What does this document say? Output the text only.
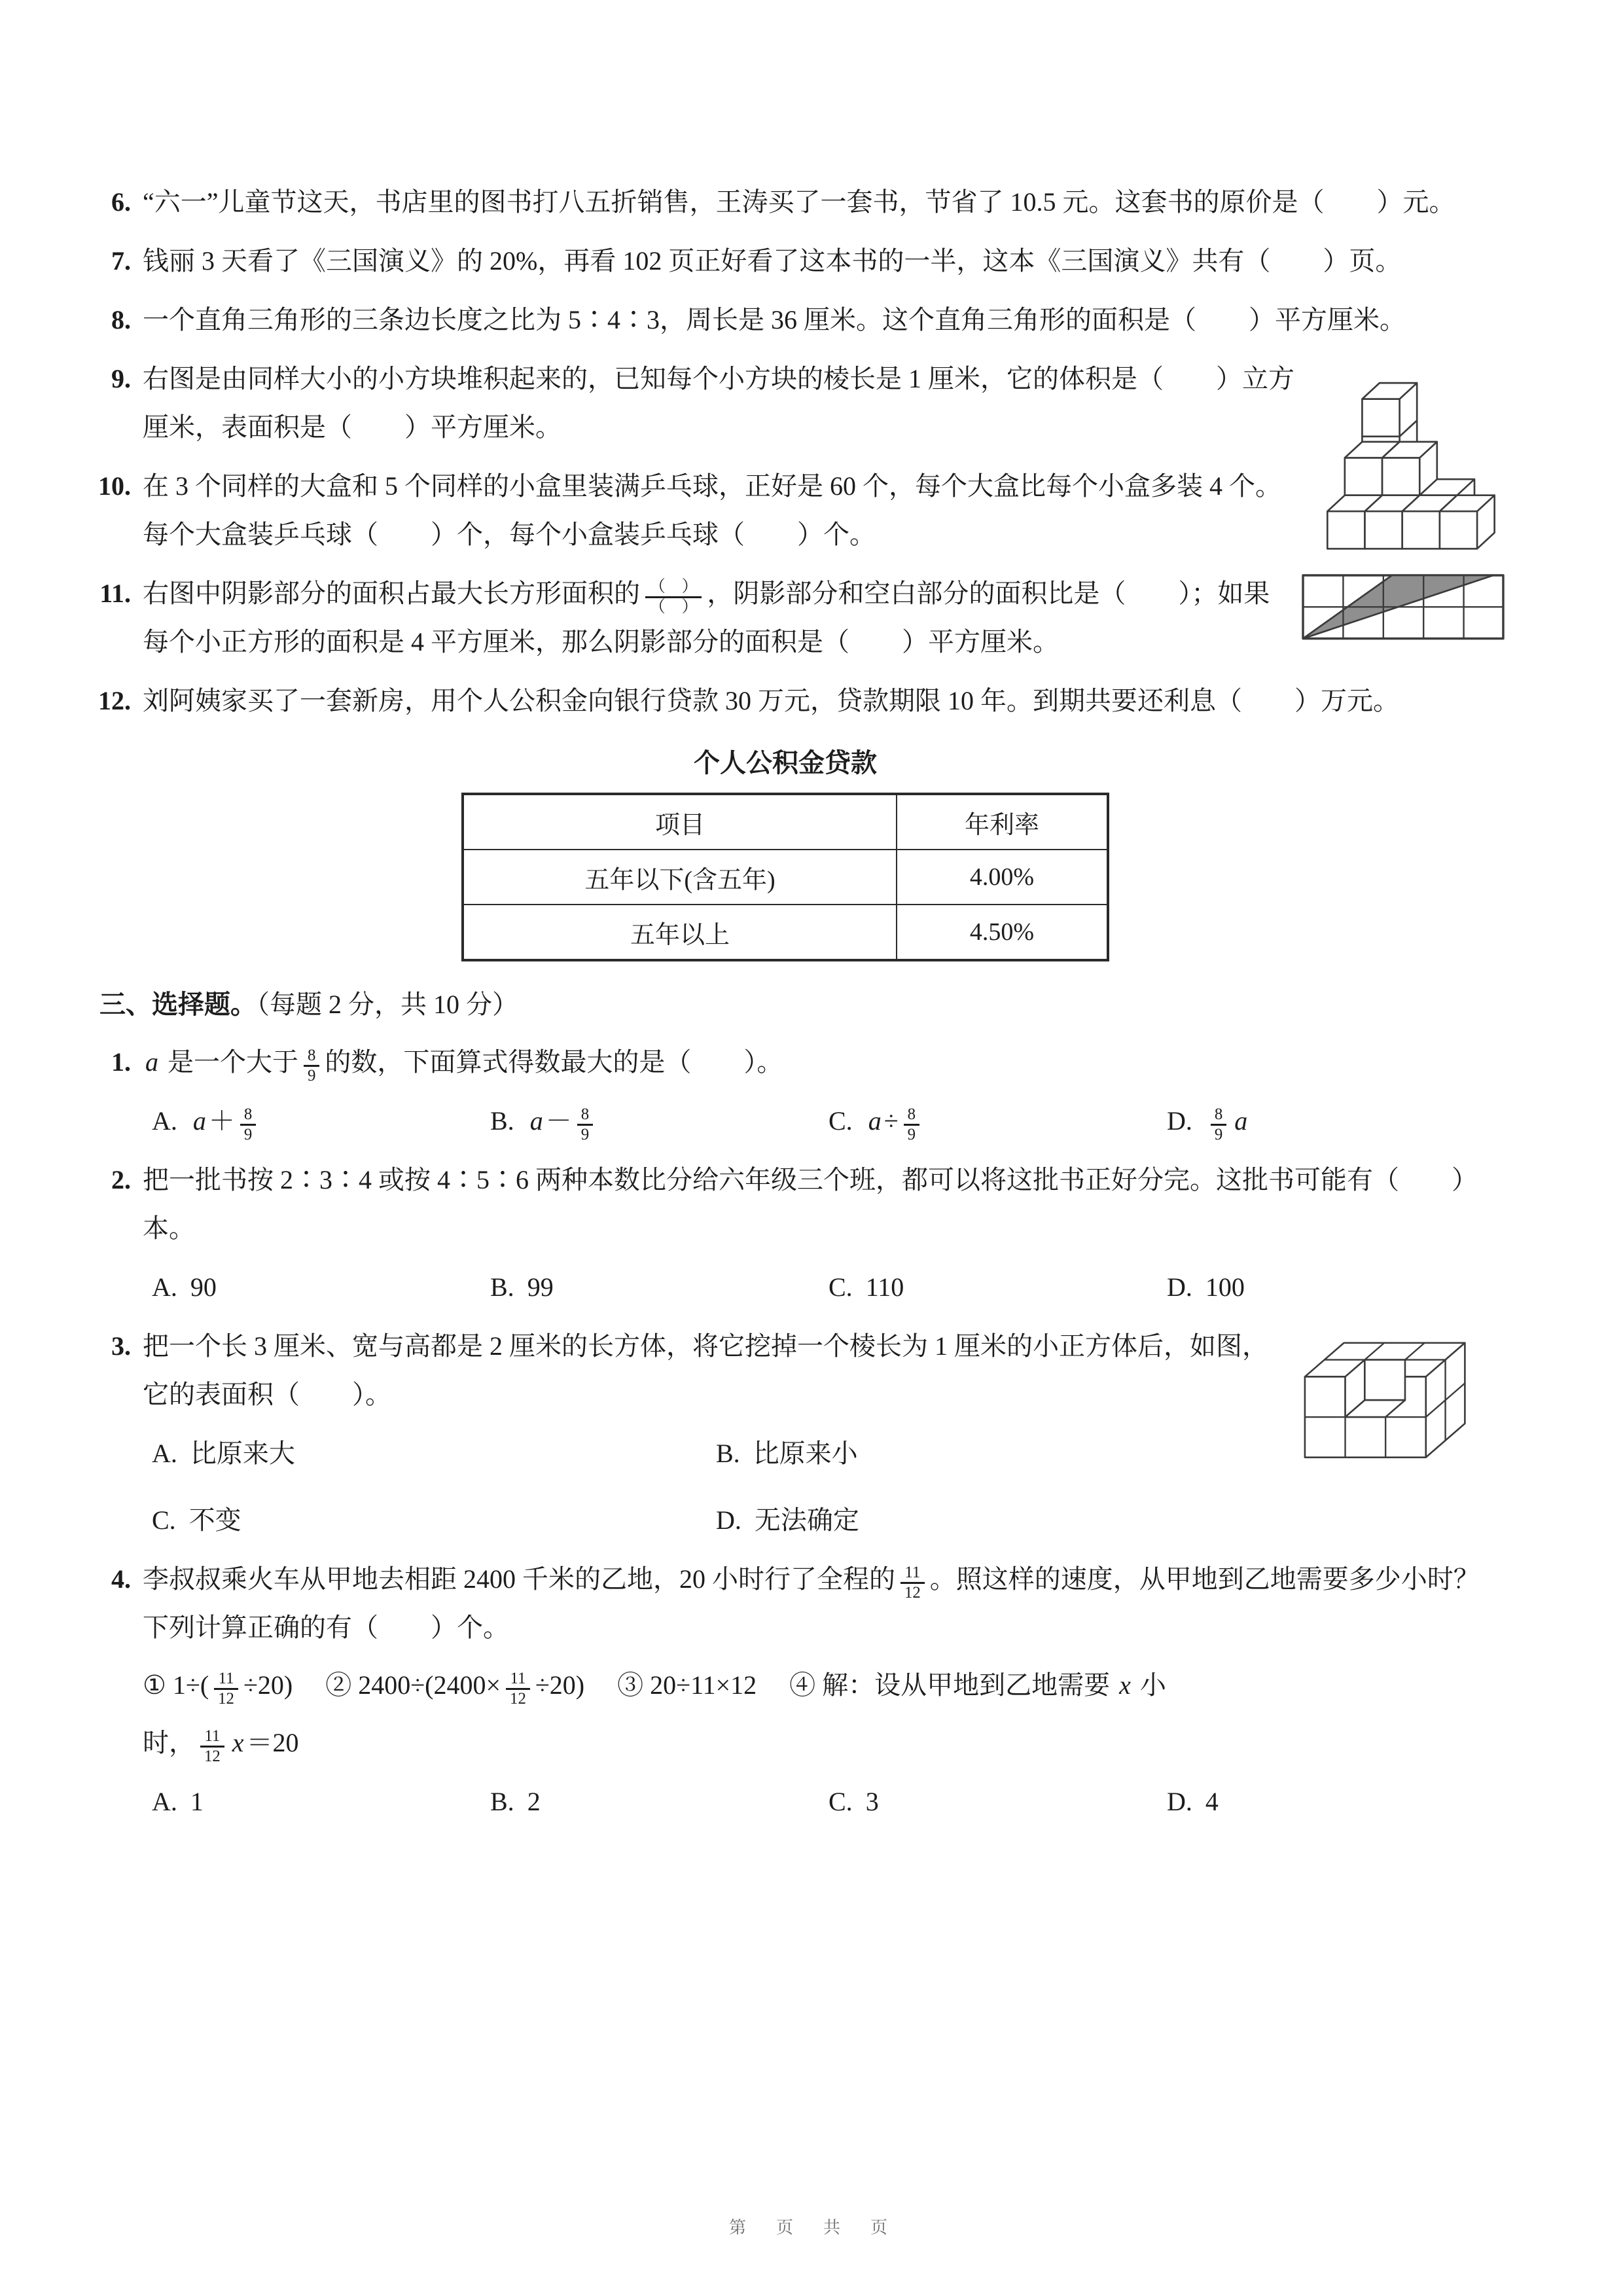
6. “六一”儿童节这天，书店里的图书打八五折销售，王涛买了一套书，节省了 10.5 元。这套书的原价是（　　）元。
7. 钱丽 3 天看了《三国演义》的 20%，再看 102 页正好看了这本书的一半，这本《三国演义》共有（　　）页。
8. 一个直角三角形的三条边长度之比为 5∶4∶3，周长是 36 厘米。这个直角三角形的面积是（　　）平方厘米。
9. 右图是由同样大小的小方块堆积起来的，已知每个小方块的棱长是 1 厘米，它的体积是（　　）立方厘米，表面积是（　　）平方厘米。
10. 在 3 个同样的大盒和 5 个同样的小盒里装满乒乓球，正好是 60 个，每个大盒比每个小盒多装 4 个。每个大盒装乒乓球（　　）个，每个小盒装乒乓球（　　）个。
11. 右图中阴影部分的面积占最大长方形面积的 $\frac{( )}{( )}$ ，阴影部分和空白部分的面积比是（　　）；如果每个小正方形的面积是 4 平方厘米，那么阴影部分的面积是（　　）平方厘米。
12. 刘阿姨家买了一套新房，用个人公积金向银行贷款 30 万元，贷款期限 10 年。到期共要还利息（　　）万元。
个人公积金贷款
项目	年利率
五年以下(含五年)	4.00%
五年以上	4.50%
三、选择题。（每题 2 分，共 10 分）
1. a 是一个大于 $\frac{8}{9}$ 的数，下面算式得数最大的是（　　）。
A. $a + \frac{8}{9}$	B. $a - \frac{8}{9}$	C. $a \div \frac{8}{9}$	D. $\frac{8}{9}$ a
2. 把一批书按 2∶3∶4 或按 4∶5∶6 两种本数比分给六年级三个班，都可以将这批书正好分完。这批书可能有（　　）本。
A. 90	B. 99	C. 110	D. 100
3. 把一个长 3 厘米、宽与高都是 2 厘米的长方体，将它挖掉一个棱长为 1 厘米的小正方体后，如图，它的表面积（　　）。
A. 比原来大	B. 比原来小
C. 不变	D. 无法确定
4. 李叔叔乘火车从甲地去相距 2400 千米的乙地，20 小时行了全程的 $\frac{11}{12}$ 。照这样的速度，从甲地到乙地需要多少小时？下列计算正确的有（　　）个。
① $1\div( \frac{11}{12} \div 20)$　 ② $2400\div(2400\times \frac{11}{12} \div 20)$　 ③ 20÷11×12　 ④ 解：设从甲地到乙地需要 x 小
时， $\frac{11}{12}$ x ＝20
A. 1	B. 2	C. 3	D. 4
第　页　共　页
